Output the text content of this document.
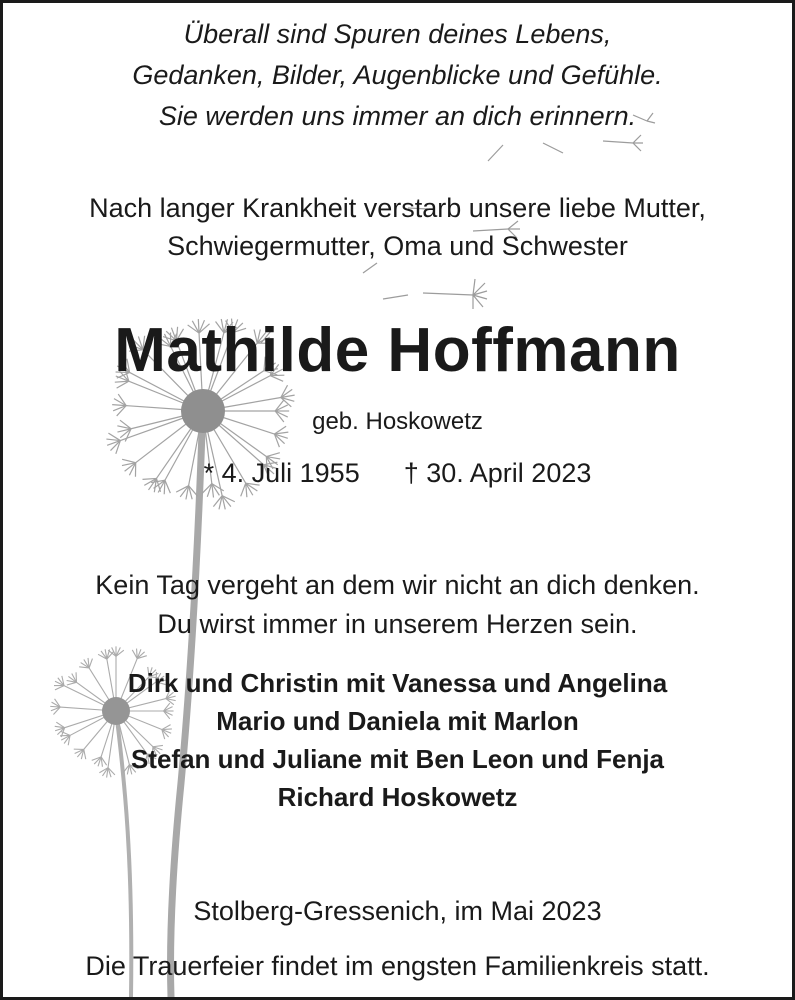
Überall sind Spuren deines Lebens,

Gedanken, Bilder, Augenblicke und Gefühle.

Sie werden uns immer an dich erinnern.

Nach langer Krankheit verstarb unsere liebe Mutter,

Schwiegermutter, Oma und Schwester

Mathilde Hoffmann

geb. Hoskowetz

* 4. Juli 1955 † 30. April 2023

Kein Tag vergeht an dem wir nicht an dich denken.

Du wirst immer in unserem Herzen sein.

Dirk und Christin mit Vanessa und Angelina

Mario und Daniela mit Marlon

Stefan und Juliane mit Ben Leon und Fenja

Richard Hoskowetz

Stolberg-Gressenich, im Mai 2023

Die Trauerfeier findet im engsten Familienkreis statt.
